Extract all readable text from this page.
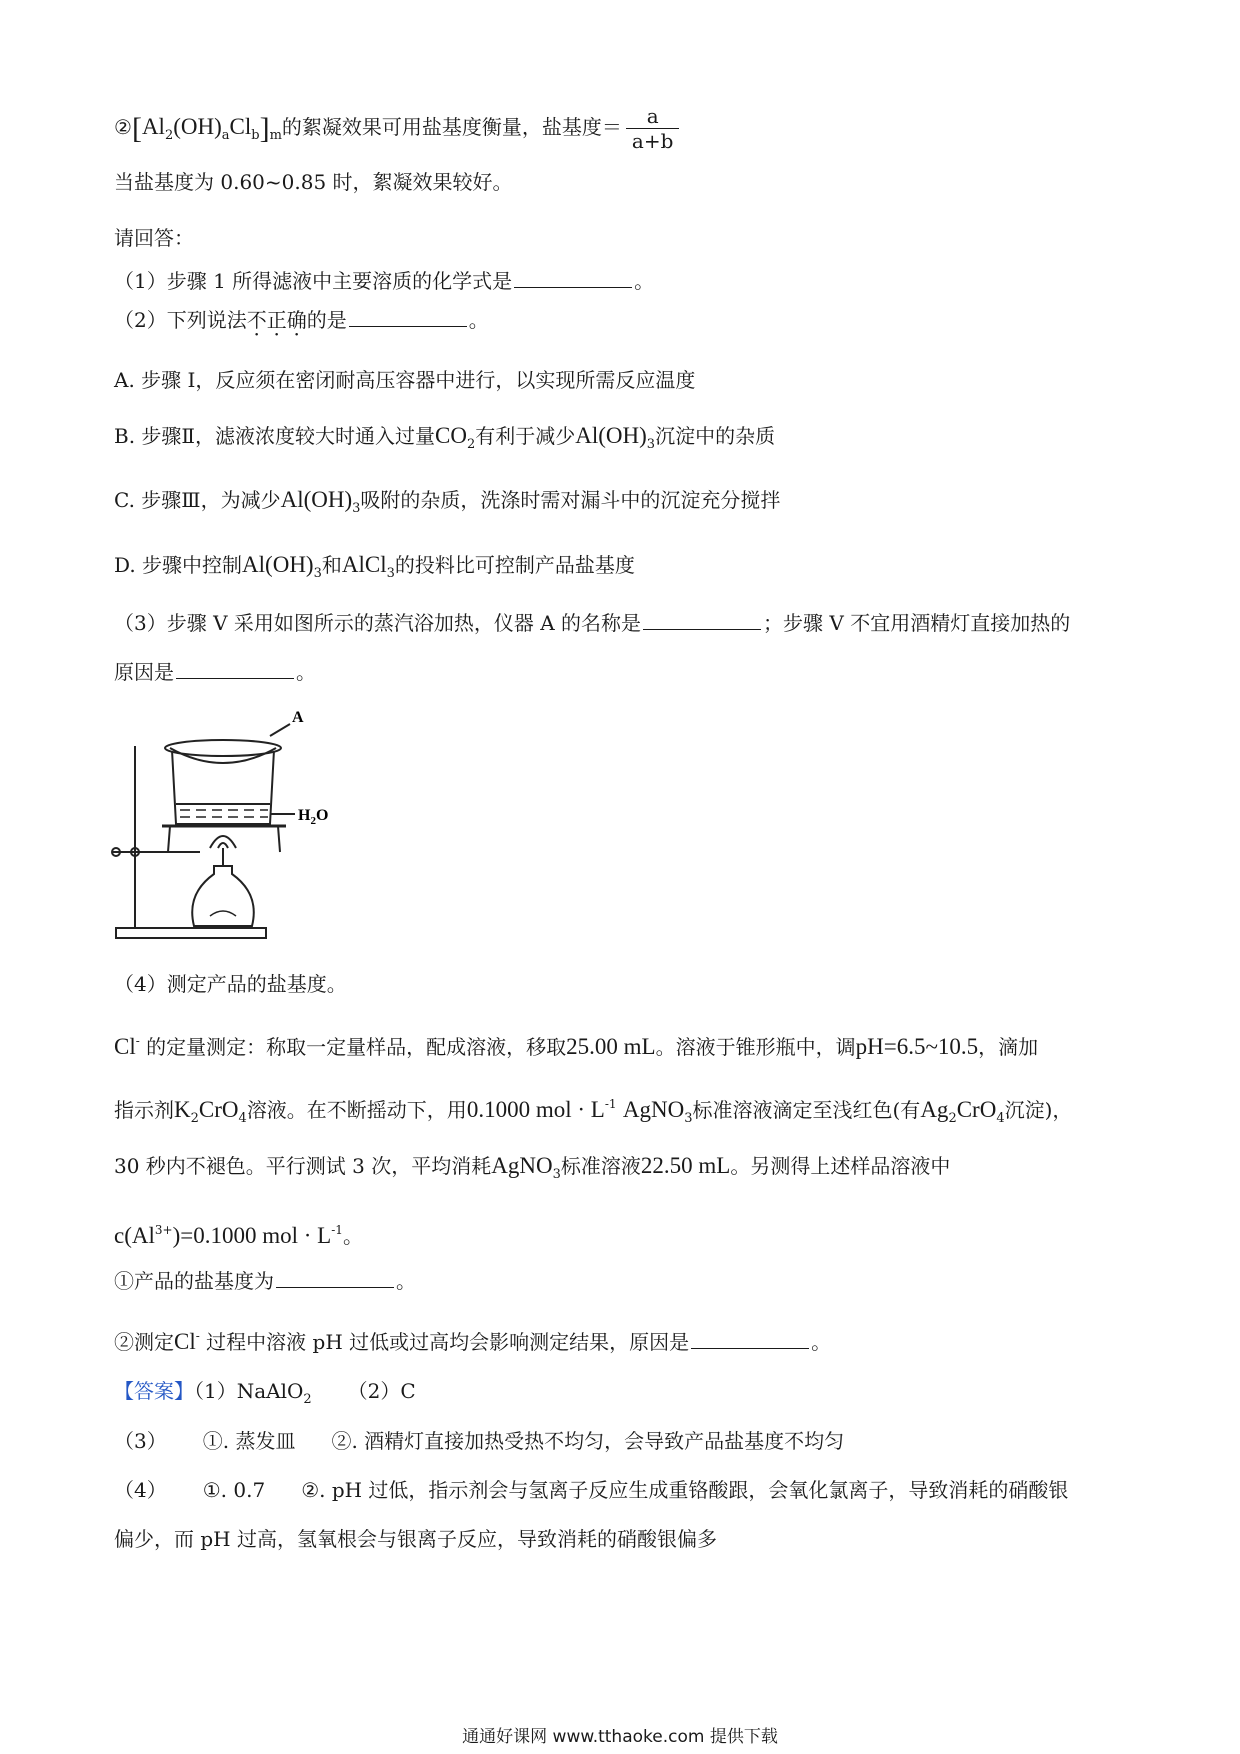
$②[Al_2(OH)_aCl_b]_m$的絮凝效果可用盐基度衡量，盐基度＝ $\frac{a}{a+b}$
当盐基度为 0.60~0.85 时，絮凝效果较好。
请回答：
（1）步骤 1 所得滤液中主要溶质的化学式是	。
（2）下列说法不正确的是	。
A. 步骤 I，反应须在密闭耐高压容器中进行，以实现所需反应温度
B. 步骤Ⅱ，滤液浓度较大时通入过量$CO_2$有利于减少$Al(OH)_3$沉淀中的杂质
C. 步骤Ⅲ，为减少$Al(OH)_3$吸附的杂质，洗涤时需对漏斗中的沉淀充分搅拌
D. 步骤中控制$Al(OH)_3$和AlCl$_3$的投料比可控制产品盐基度
（3）步骤 V 采用如图所示的蒸汽浴加热，仪器 A 的名称是	；步骤 V 不宜用酒精灯直接加热的
原因是	。
A
$H_2O$
（4）测定产品的盐基度。
Cl- 的定量测定：称取一定量样品，配成溶液，移取25.00 mL。溶液于锥形瓶中，调pH=6.5~10.5，滴加
指示剂$K_2CrO_4$溶液。在不断摇动下，用0.1000 mol · $L^{-1}$ AgNO$_3$标准溶液滴定至浅红色(有$Ag_2CrO_4$沉淀)，
30 秒内不褪色。平行测试 3 次，平均消耗AgNO$_3$标准溶液22.50 mL。另测得上述样品溶液中
$c(Al^{3+})=0.1000$ mol · $L^{-1}$。
①产品的盐基度为	。
②测定Cl- 过程中溶液 pH 过低或过高均会影响测定结果，原因是	。
【答案】（1）NaAlO$_2$ （2）C
（3） ①. 蒸发皿 ②. 酒精灯直接加热受热不均匀，会导致产品盐基度不均匀
（4） ①. 0.7 ②. pH 过低，指示剂会与氢离子反应生成重铬酸跟，会氧化氯离子，导致消耗的硝酸银
偏少，而 pH 过高，氢氧根会与银离子反应，导致消耗的硝酸银偏多
通通好课网 www.tthaoke.com 提供下载
